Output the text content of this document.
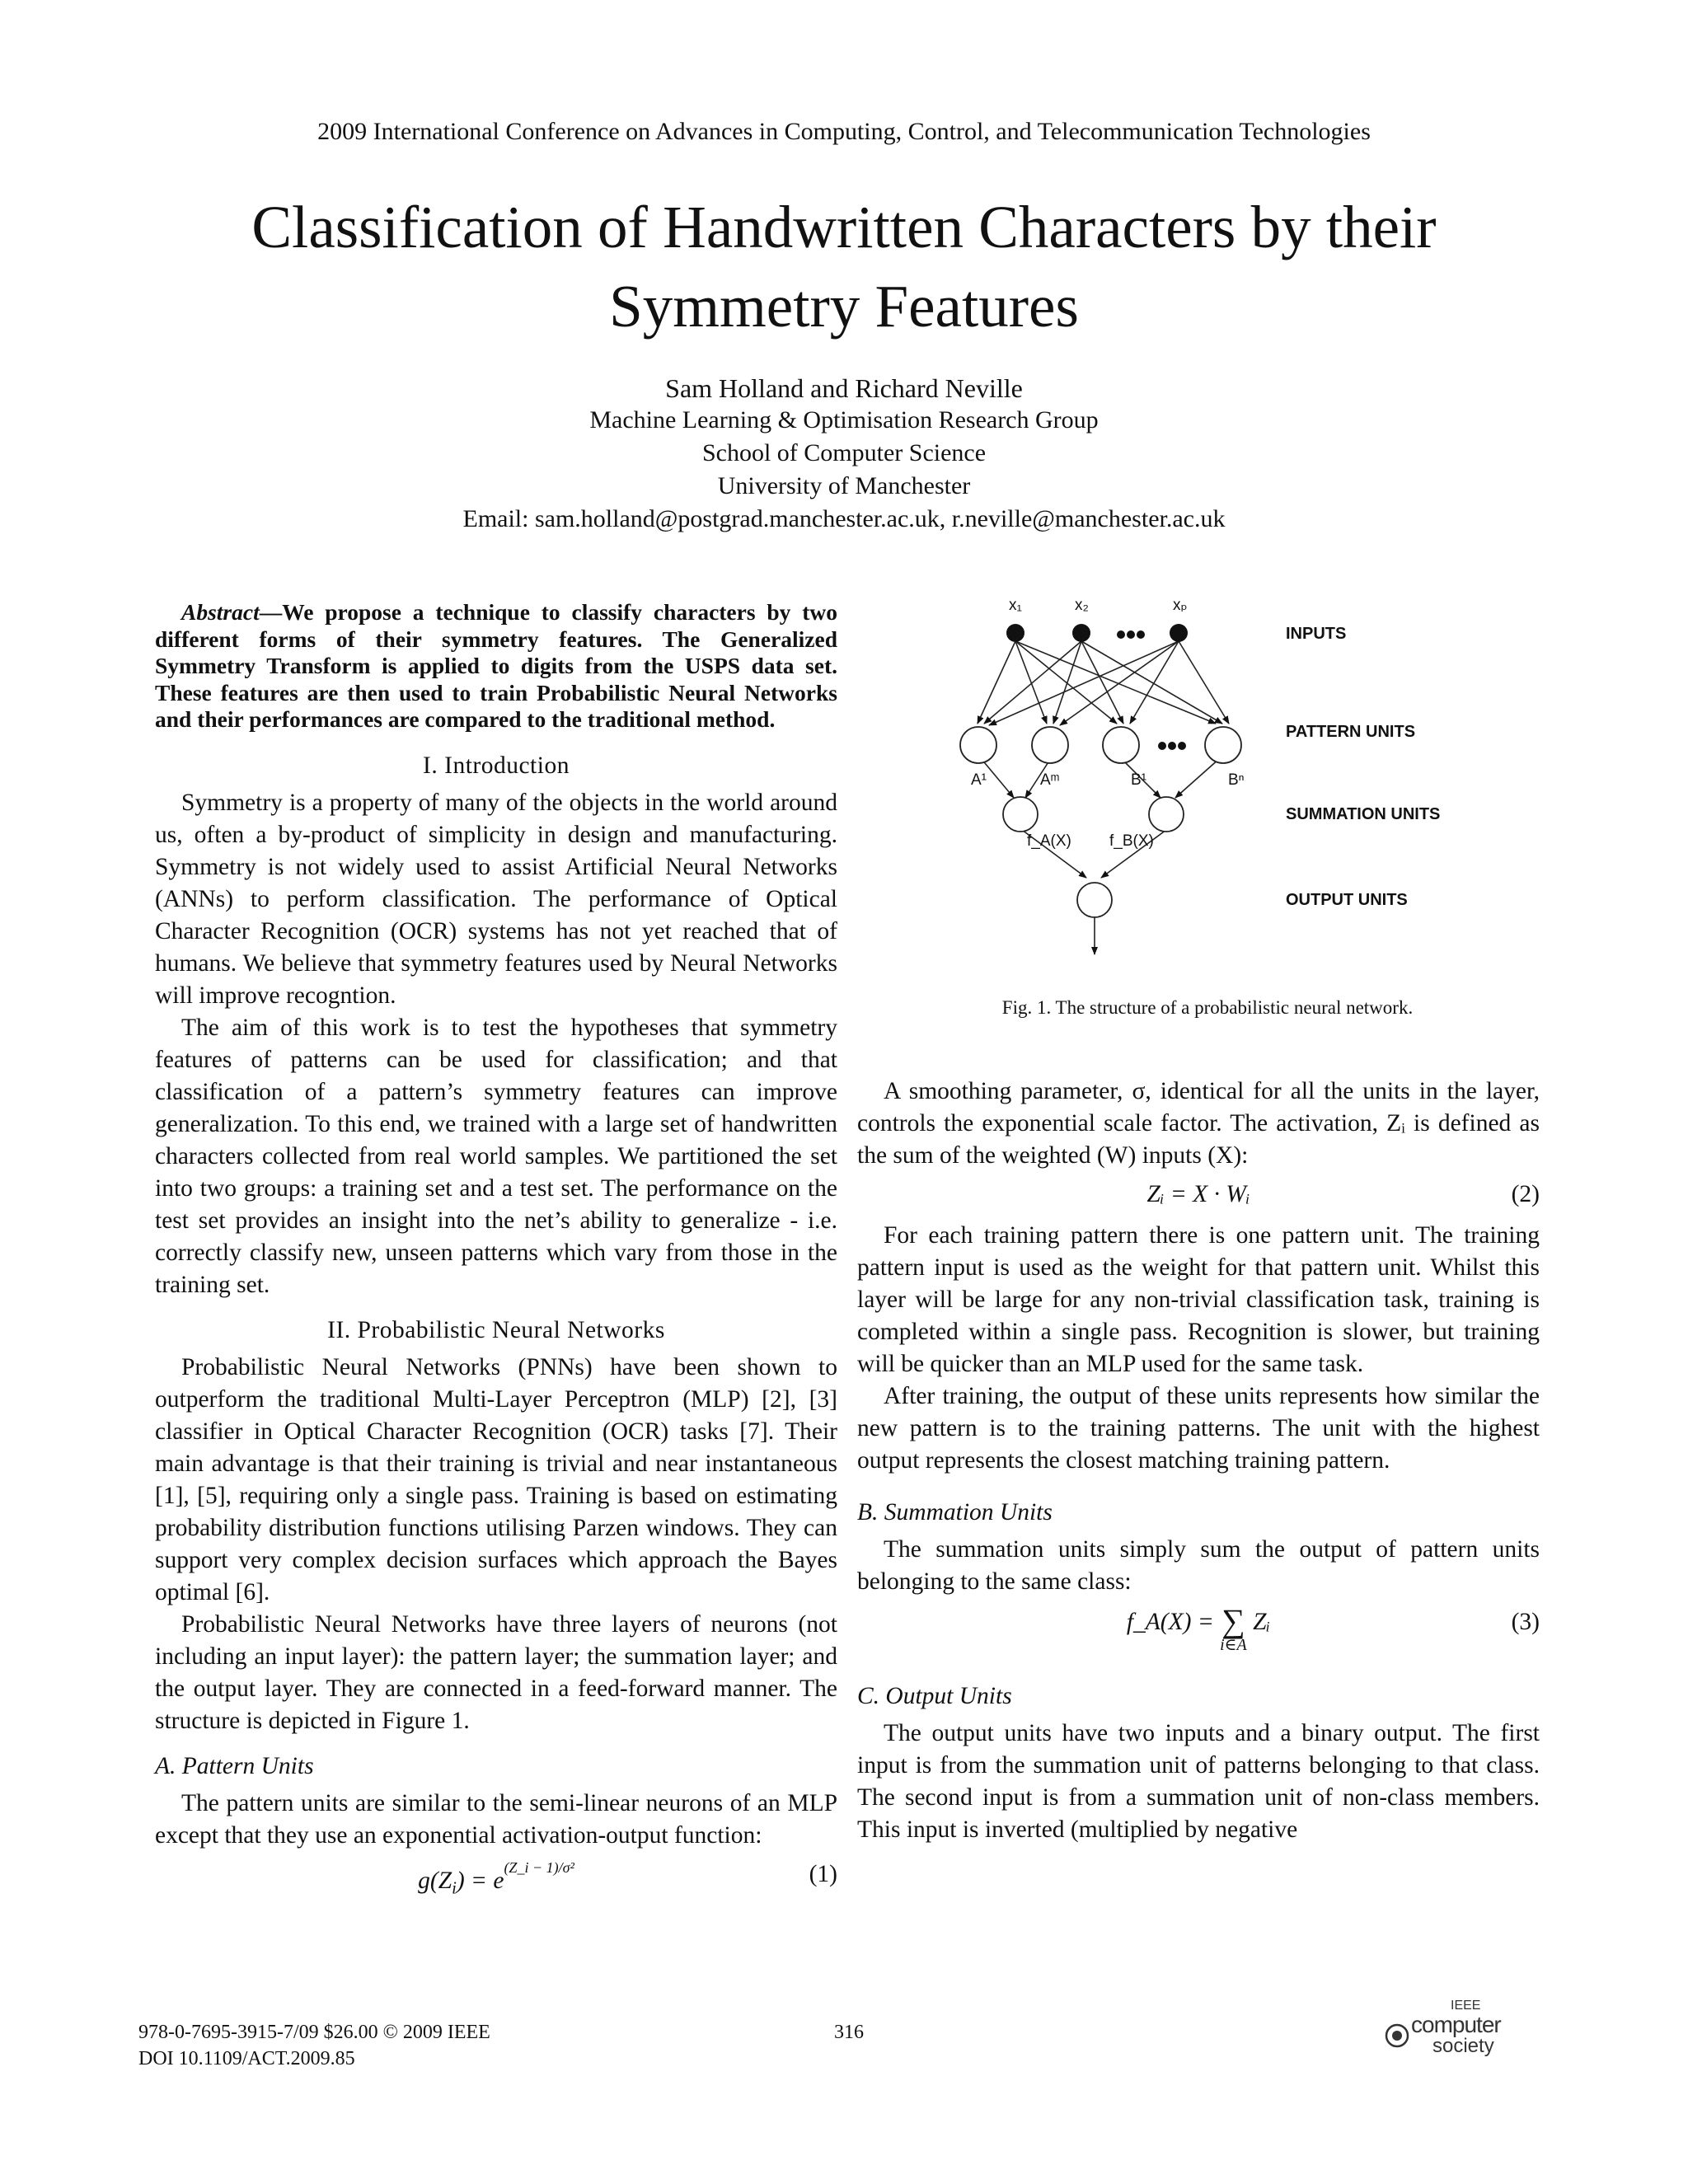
2009 International Conference on Advances in Computing, Control, and Telecommunication Technologies
Classification of Handwritten Characters by their
Symmetry Features
Sam Holland and Richard Neville
Machine Learning & Optimisation Research Group
School of Computer Science
University of Manchester
Email: sam.holland@postgrad.manchester.ac.uk, r.neville@manchester.ac.uk

Abstract—We propose a technique to classify characters by two different forms of their symmetry features. The Generalized Symmetry Transform is applied to digits from the USPS data set. These features are then used to train Probabilistic Neural Networks and their performances are compared to the traditional method.

I. Introduction

Symmetry is a property of many of the objects in the world around us, often a by-product of simplicity in design and manufacturing. Symmetry is not widely used to assist Artificial Neural Networks (ANNs) to perform classification. The performance of Optical Character Recognition (OCR) systems has not yet reached that of humans. We believe that symmetry features used by Neural Networks will improve recogntion.

The aim of this work is to test the hypotheses that symmetry features of patterns can be used for classification; and that classification of a pattern’s symmetry features can improve generalization. To this end, we trained with a large set of handwritten characters collected from real world samples. We partitioned the set into two groups: a training set and a test set. The performance on the test set provides an insight into the net’s ability to generalize - i.e. correctly classify new, unseen patterns which vary from those in the training set.

II. Probabilistic Neural Networks

Probabilistic Neural Networks (PNNs) have been shown to outperform the traditional Multi-Layer Perceptron (MLP) [2], [3] classifier in Optical Character Recognition (OCR) tasks [7]. Their main advantage is that their training is trivial and near instantaneous [1], [5], requiring only a single pass. Training is based on estimating probability distribution functions utilising Parzen windows. They can support very complex decision surfaces which approach the Bayes optimal [6].

Probabilistic Neural Networks have three layers of neurons (not including an input layer): the pattern layer; the summation layer; and the output layer. They are connected in a feed-forward manner. The structure is depicted in Figure 1.

A. Pattern Units

The pattern units are similar to the semi-linear neurons of an MLP except that they use an exponential activation-output function:

$g(Z_i) = e^{(Z\_i - 1)/\sigma^2}$	(1)
x₁	x₂	xₚ
A¹	Aᵐ	B¹	Bⁿ
f_A(X) f_B(X)
INPUTS
PATTERN UNITS
SUMMATION UNITS
OUTPUT UNITS
Fig. 1. The structure of a probabilistic neural network.

A smoothing parameter, σ, identical for all the units in the layer, controls the exponential scale factor. The activation, Zᵢ is defined as the sum of the weighted (W) inputs (X):

Zᵢ = X · Wᵢ	(2)

For each training pattern there is one pattern unit. The training pattern input is used as the weight for that pattern unit. Whilst this layer will be large for any non-trivial classification task, training is completed within a single pass. Recognition is slower, but training will be quicker than an MLP used for the same task.

After training, the output of these units represents how similar the new pattern is to the training patterns. The unit with the highest output represents the closest matching training pattern.

B. Summation Units

The summation units simply sum the output of pattern units belonging to the same class:

f_A(X) = ∑
i∈A
Zᵢ	(3)
C. Output Units

The output units have two inputs and a binary output. The first input is from the summation unit of patterns belonging to that class. The second input is from a summation unit of non-class members. This input is inverted (multiplied by negative

978-0-7695-3915-7/09 $26.00 © 2009 IEEE
DOI 10.1109/ACT.2009.85
316
IEEE
computer
society
